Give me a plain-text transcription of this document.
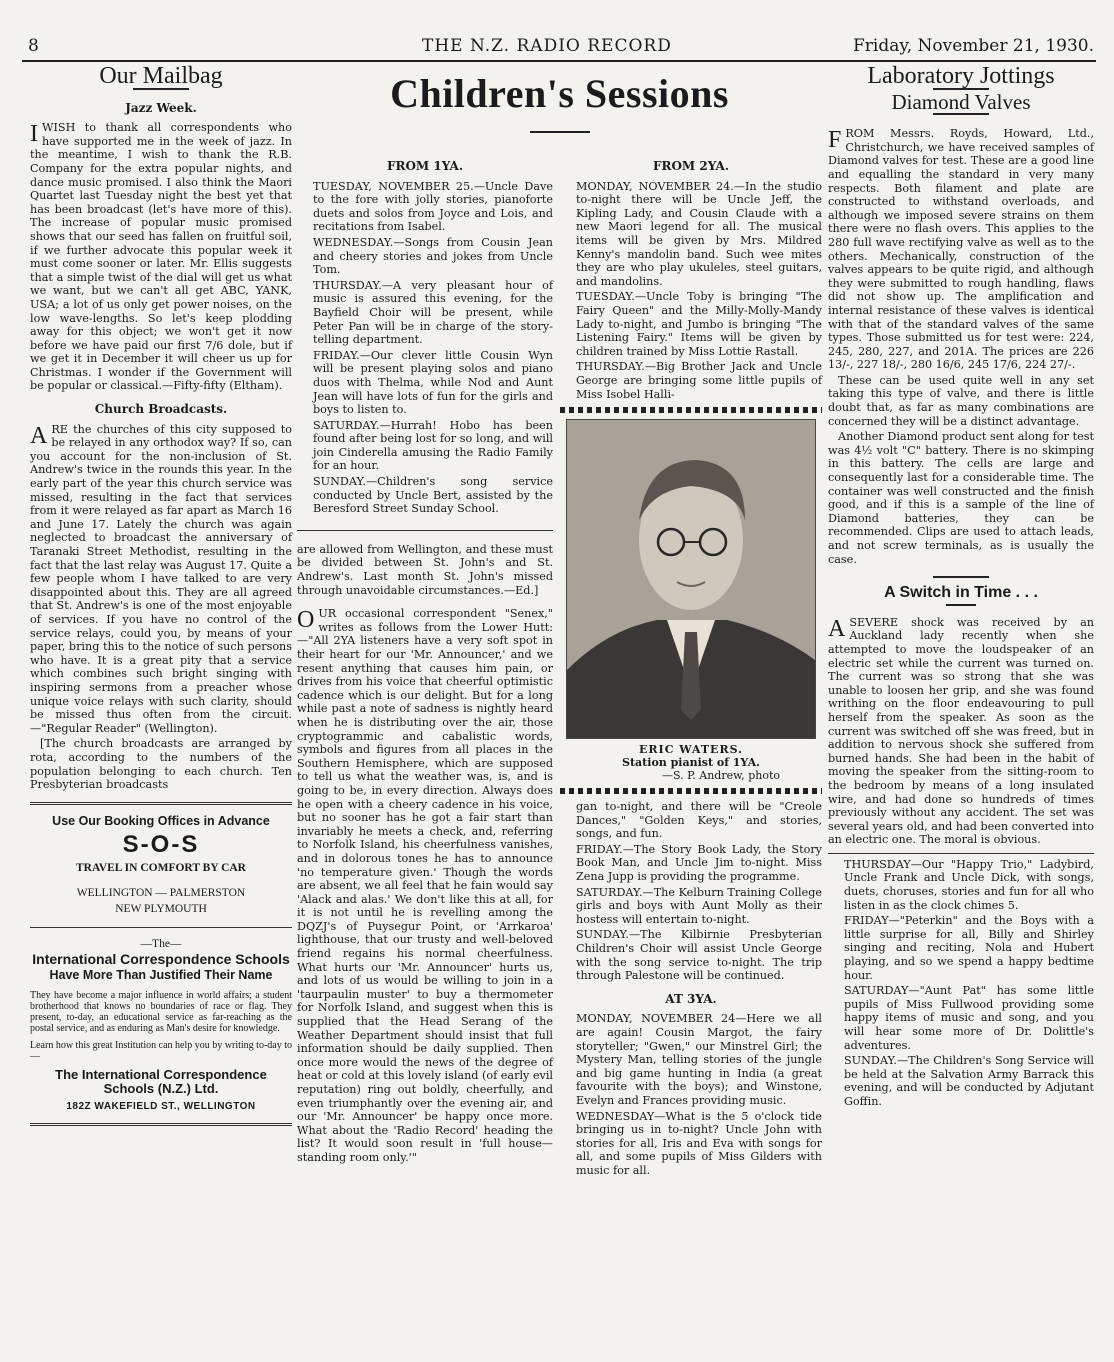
8	THE N.Z. RADIO RECORD	Friday, November 21, 1930.
Our Mailbag
Jazz Week.

IWISH to thank all correspondents who have supported me in the week of jazz. In the meantime, I wish to thank the R.B. Company for the extra popular nights, and dance music promised. I also think the Maori Quartet last Tuesday night the best yet that has been broadcast (let's have more of this). The increase of popular music promised shows that our seed has fallen on fruitful soil, if we further advocate this popular week it must come sooner or later. Mr. Ellis suggests that a simple twist of the dial will get us what we want, but we can't all get ABC, YANK, USA; a lot of us only get power noises, on the low wave-lengths. So let's keep plodding away for this object; we won't get it now before we have paid our first 7/6 dole, but if we get it in December it will cheer us up for Christmas. I wonder if the Government will be popular or classical.—Fifty-fifty (Eltham).

Church Broadcasts.

ARE the churches of this city supposed to be relayed in any orthodox way? If so, can you account for the non-inclusion of St. Andrew's twice in the rounds this year. In the early part of the year this church service was missed, resulting in the fact that services from it were relayed as far apart as March 16 and June 17. Lately the church was again neglected to broadcast the anniversary of Taranaki Street Methodist, resulting in the fact that the last relay was August 17. Quite a few people whom I have talked to are very disappointed about this. They are all agreed that St. Andrew's is one of the most enjoyable of services. If you have no control of the service relays, could you, by means of your paper, bring this to the notice of such persons who have. It is a great pity that a service which combines such bright singing with inspiring sermons from a preacher whose unique voice relays with such clarity, should be missed thus often from the circuit.—"Regular Reader" (Wellington).

[The church broadcasts are arranged by rota, according to the numbers of the population belonging to each church. Ten Presbyterian broadcasts

Use Our Booking Offices in Advance
S-O-S
TRAVEL IN COMFORT BY CAR
WELLINGTON — PALMERSTON
NEW PLYMOUTH
—The—
International Correspondence Schools
Have More Than Justified Their Name
They have become a major influence in world affairs; a student brotherhood that knows no boundaries of race or flag. They present, to-day, an educational service as far-reaching as the postal service, and as enduring as Man's desire for knowledge.
Learn how this great Institution can help you by writing to-day to—
The International Correspondence Schools (N.Z.) Ltd.
182Z WAKEFIELD ST., WELLINGTON
Children's Sessions
FROM 1YA.

TUESDAY, NOVEMBER 25.—Uncle Dave to the fore with jolly stories, pianoforte duets and solos from Joyce and Lois, and recitations from Isabel.

WEDNESDAY.—Songs from Cousin Jean and cheery stories and jokes from Uncle Tom.

THURSDAY.—A very pleasant hour of music is assured this evening, for the Bayfield Choir will be present, while Peter Pan will be in charge of the story-telling department.

FRIDAY.—Our clever little Cousin Wyn will be present playing solos and piano duos with Thelma, while Nod and Aunt Jean will have lots of fun for the girls and boys to listen to.

SATURDAY.—Hurrah! Hobo has been found after being lost for so long, and will join Cinderella amusing the Radio Family for an hour.

SUNDAY.—Children's song service conducted by Uncle Bert, assisted by the Beresford Street Sunday School.

are allowed from Wellington, and these must be divided between St. John's and St. Andrew's. Last month St. John's missed through unavoidable circumstances.—Ed.]

OUR occasional correspondent "Senex," writes as follows from the Lower Hutt:—"All 2YA listeners have a very soft spot in their heart for our 'Mr. Announcer,' and we resent anything that causes him pain, or drives from his voice that cheerful optimistic cadence which is our delight. But for a long while past a note of sadness is nightly heard when he is distributing over the air, those cryptogrammic and cabalistic words, symbols and figures from all places in the Southern Hemisphere, which are supposed to tell us what the weather was, is, and is going to be, in every direction. Always does he open with a cheery cadence in his voice, but no sooner has he got a fair start than invariably he meets a check, and, referring to Norfolk Island, his cheerfulness vanishes, and in dolorous tones he has to announce 'no temperature given.' Though the words are absent, we all feel that he fain would say 'Alack and alas.' We don't like this at all, for it is not until he is revelling among the DQZJ's of Puysegur Point, or 'Arrkaroa' lighthouse, that our trusty and well-beloved friend regains his normal cheerfulness. What hurts our 'Mr. Announcer' hurts us, and lots of us would be willing to join in a 'taurpaulin muster' to buy a thermometer for Norfolk Island, and suggest when this is supplied that the Head Serang of the Weather Department should insist that full information should be daily supplied. Then once more would the news of the degree of heat or cold at this lovely island (of early evil reputation) ring out boldly, cheerfully, and even triumphantly over the evening air, and our 'Mr. Announcer' be happy once more. What about the 'Radio Record' heading the list? It would soon result in 'full house—standing room only.'"

FROM 2YA.

MONDAY, NOVEMBER 24.—In the studio to-night there will be Uncle Jeff, the Kipling Lady, and Cousin Claude with a new Maori legend for all. The musical items will be given by Mrs. Mildred Kenny's mandolin band. Such wee mites they are who play ukuleles, steel guitars, and mandolins.

TUESDAY.—Uncle Toby is bringing "The Fairy Queen" and the Milly-Molly-Mandy Lady to-night, and Jumbo is bringing "The Listening Fairy." Items will be given by children trained by Miss Lottie Rastall.

THURSDAY.—Big Brother Jack and Uncle George are bringing some little pupils of Miss Isobel Halli-

ERIC WATERS.
Station pianist of 1YA.
—S. P. Andrew, photo

gan to-night, and there will be "Creole Dances," "Golden Keys," and stories, songs, and fun.

FRIDAY.—The Story Book Lady, the Story Book Man, and Uncle Jim to-night. Miss Zena Jupp is providing the programme.

SATURDAY.—The Kelburn Training College girls and boys with Aunt Molly as their hostess will entertain to-night.

SUNDAY.—The Kilbirnie Presbyterian Children's Choir will assist Uncle George with the song service to-night. The trip through Palestone will be continued.

AT 3YA.

MONDAY, NOVEMBER 24—Here we all are again! Cousin Margot, the fairy storyteller; "Gwen," our Minstrel Girl; the Mystery Man, telling stories of the jungle and big game hunting in India (a great favourite with the boys); and Winstone, Evelyn and Frances providing music.

WEDNESDAY—What is the 5 o'clock tide bringing us in to-night? Uncle John with stories for all, Iris and Eva with songs for all, and some pupils of Miss Gilders with music for all.

Laboratory Jottings
Diamond Valves

FROM Messrs. Royds, Howard, Ltd., Christchurch, we have received samples of Diamond valves for test. These are a good line and equalling the standard in very many respects. Both filament and plate are constructed to withstand overloads, and although we imposed severe strains on them there were no flash overs. This applies to the 280 full wave rectifying valve as well as to the others. Mechanically, construction of the valves appears to be quite rigid, and although they were submitted to rough handling, flaws did not show up. The amplification and internal resistance of these valves is identical with that of the standard valves of the same types. Those submitted us for test were: 224, 245, 280, 227, and 201A. The prices are 226 13/-, 227 18/-, 280 16/6, 245 17/6, 224 27/-.

These can be used quite well in any set taking this type of valve, and there is little doubt that, as far as many combinations are concerned they will be a distinct advantage.

Another Diamond product sent along for test was 4½ volt "C" battery. There is no skimping in this battery. The cells are large and consequently last for a considerable time. The container was well constructed and the finish good, and if this is a sample of the line of Diamond batteries, they can be recommended. Clips are used to attach leads, and not screw terminals, as is usually the case.

A Switch in Time . . .

ASEVERE shock was received by an Auckland lady recently when she attempted to move the loudspeaker of an electric set while the current was turned on. The current was so strong that she was unable to loosen her grip, and she was found writhing on the floor endeavouring to pull herself from the speaker. As soon as the current was switched off she was freed, but in addition to nervous shock she suffered from burned hands. She had been in the habit of moving the speaker from the sitting-room to the bedroom by means of a long insulated wire, and had done so hundreds of times previously without any accident. The set was several years old, and had been converted into an electric one. The moral is obvious.

THURSDAY—Our "Happy Trio," Ladybird, Uncle Frank and Uncle Dick, with songs, duets, choruses, stories and fun for all who listen in as the clock chimes 5.

FRIDAY—"Peterkin" and the Boys with a little surprise for all, Billy and Shirley singing and reciting, Nola and Hubert playing, and so we spend a happy bedtime hour.

SATURDAY—"Aunt Pat" has some little pupils of Miss Fullwood providing some happy items of music and song, and you will hear some more of Dr. Dolittle's adventures.

SUNDAY.—The Children's Song Service will be held at the Salvation Army Barrack this evening, and will be conducted by Adjutant Goffin.
